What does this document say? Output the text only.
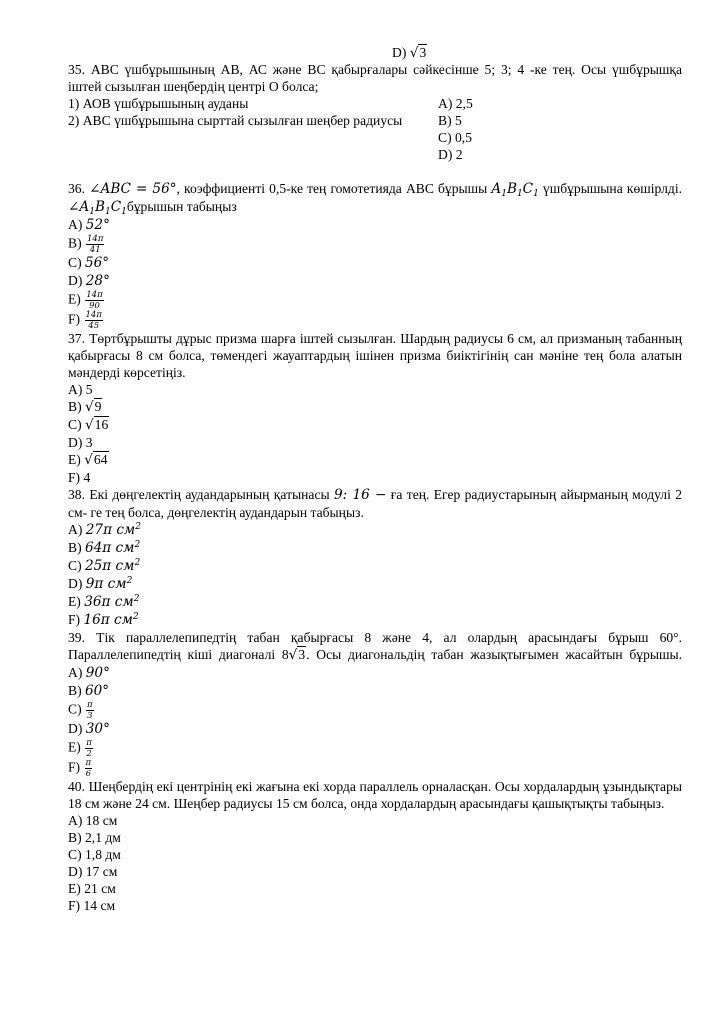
D) √3
35. АВС үшбұрышының АВ, АС және ВС қабырғалары сәйкесінше 5; 3; 4 -ке тең. Осы үшбұрышқа іштей сызылған шеңбердің центрі О болса;
1) АОВ үшбұрышының ауданы	A) 2,5
2) АВС үшбұрышына сырттай сызылған шеңбер радиусы	B) 5
C) 0,5
D) 2
36. ∠ABC = 56°, коэффициенті 0,5-ке тең гомотетияда АВС бұрышы $A_1B_1C_1$ үшбұрышына көшірлді.
$\angle A_1B_1C_1бұрышын$ табыңыз
A) 52°
$B) \frac{14\pi}{41}$
C) 56°
D) 28°
$E) \frac{14\pi}{90}$
$F) \frac{14\pi}{45}$
37. Төртбұрышты дұрыс призма шарға іштей сызылған. Шардың радиусы 6 см, ал призманың табанның қабырғасы 8 см болса, төмендегі жауаптардың ішінен призма биіктігінің сан мәніне тең бола алатын мәндерді көрсетіңіз.
A) 5
B) √9
C) √16
D) 3
E) √64
F) 4
38. Екі дөңгелектің аудандарының қатынасы 9: 16 − ға тең. Егер радиустарының айырманың модулі 2 см- ге тең болса, дөңгелектің аудандарын табыңыз.
A) 27π $см^2$
B) 64π $см^2$
C) 25π $см^2$
D) 9π $см^2$
E) 36π $см^2$
F) 16π $см^2$
39. Тік параллелепипедтің табан қабырғасы 8 және 4, ал олардың арасындағы бұрыш 60°.
Параллелепипедтің кіші диагоналі 8√3. Осы диагональдің табан жазықтығымен жасайтын бұрышы.
A) 90°
B) 60°
$C) \frac{\pi}{3}$
D) 30°
$E) \frac{\pi}{2}$
$F) \frac{\pi}{6}$
40. Шеңбердің екі центрінің екі жағына екі хорда параллель орналасқан. Осы хордалардың ұзындықтары 18 см және 24 см. Шеңбер радиусы 15 см болса, онда хордалардың арасындағы қашықтықты табыңыз.
A) 18 см
B) 2,1 дм
C) 1,8 дм
D) 17 см
E) 21 см
F) 14 см
